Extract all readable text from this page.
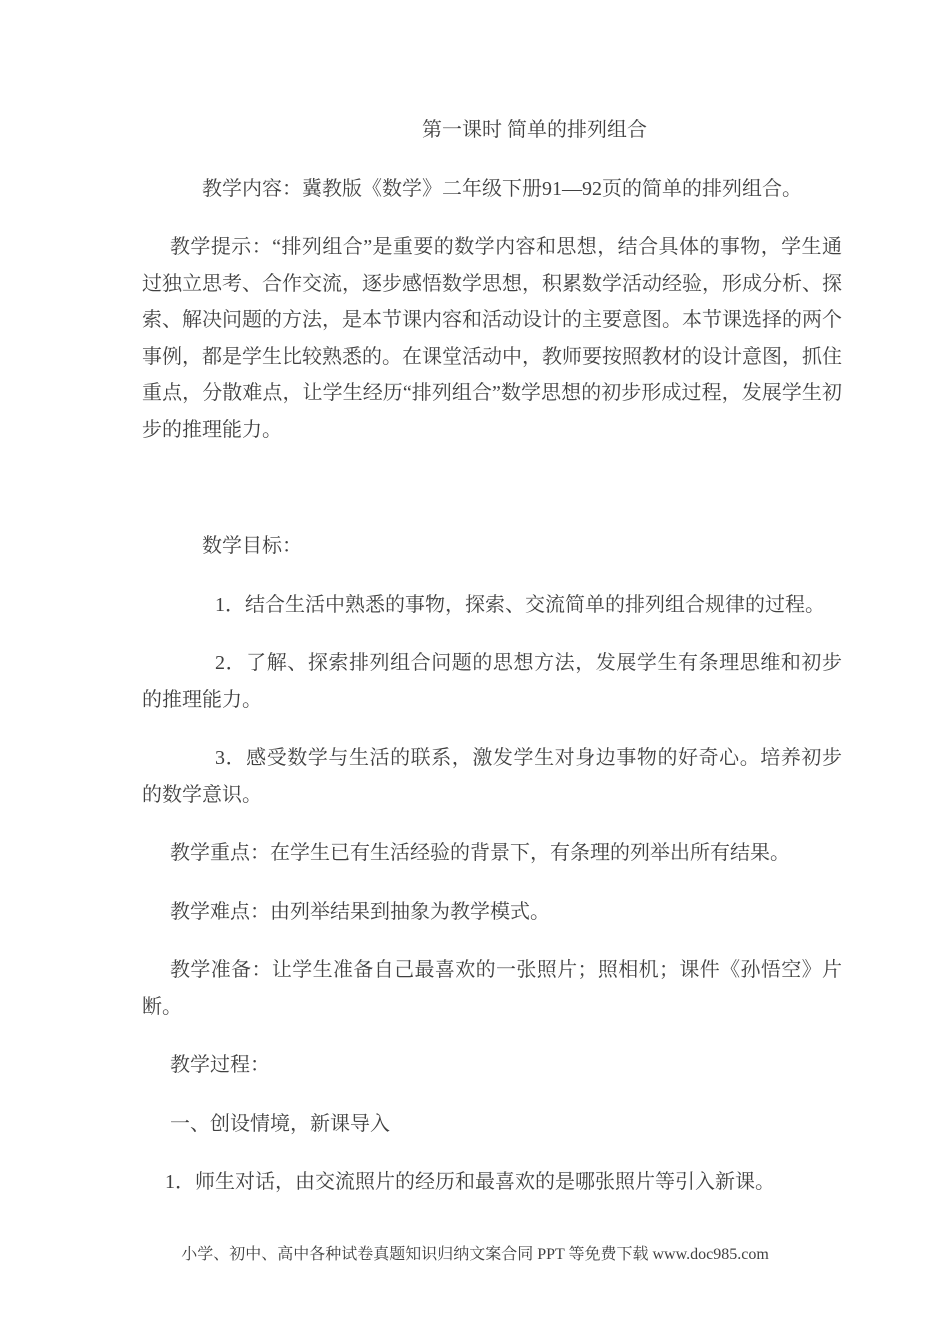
第一课时 简单的排列组合

教学内容：冀教版《数学》二年级下册91—92页的简单的排列组合。

教学提示：“排列组合”是重要的数学内容和思想，结合具体的事物，学生通过独立思考、合作交流，逐步感悟数学思想，积累数学活动经验，形成分析、探索、解决问题的方法，是本节课内容和活动设计的主要意图。本节课选择的两个事例，都是学生比较熟悉的。在课堂活动中，教师要按照教材的设计意图，抓住重点，分散难点，让学生经历“排列组合”数学思想的初步形成过程，发展学生初步的推理能力。

数学目标：

1．结合生活中熟悉的事物，探索、交流简单的排列组合规律的过程。

2．了解、探索排列组合问题的思想方法，发展学生有条理思维和初步的推理能力。

3．感受数学与生活的联系，激发学生对身边事物的好奇心。培养初步的数学意识。

教学重点：在学生已有生活经验的背景下，有条理的列举出所有结果。

教学难点：由列举结果到抽象为教学模式。

教学准备：让学生准备自己最喜欢的一张照片；照相机；课件《孙悟空》片断。

教学过程：

一、创设情境，新课导入

1．师生对话，由交流照片的经历和最喜欢的是哪张照片等引入新课。

小学、初中、高中各种试卷真题知识归纳文案合同 PPT 等免费下载 www.doc985.com
